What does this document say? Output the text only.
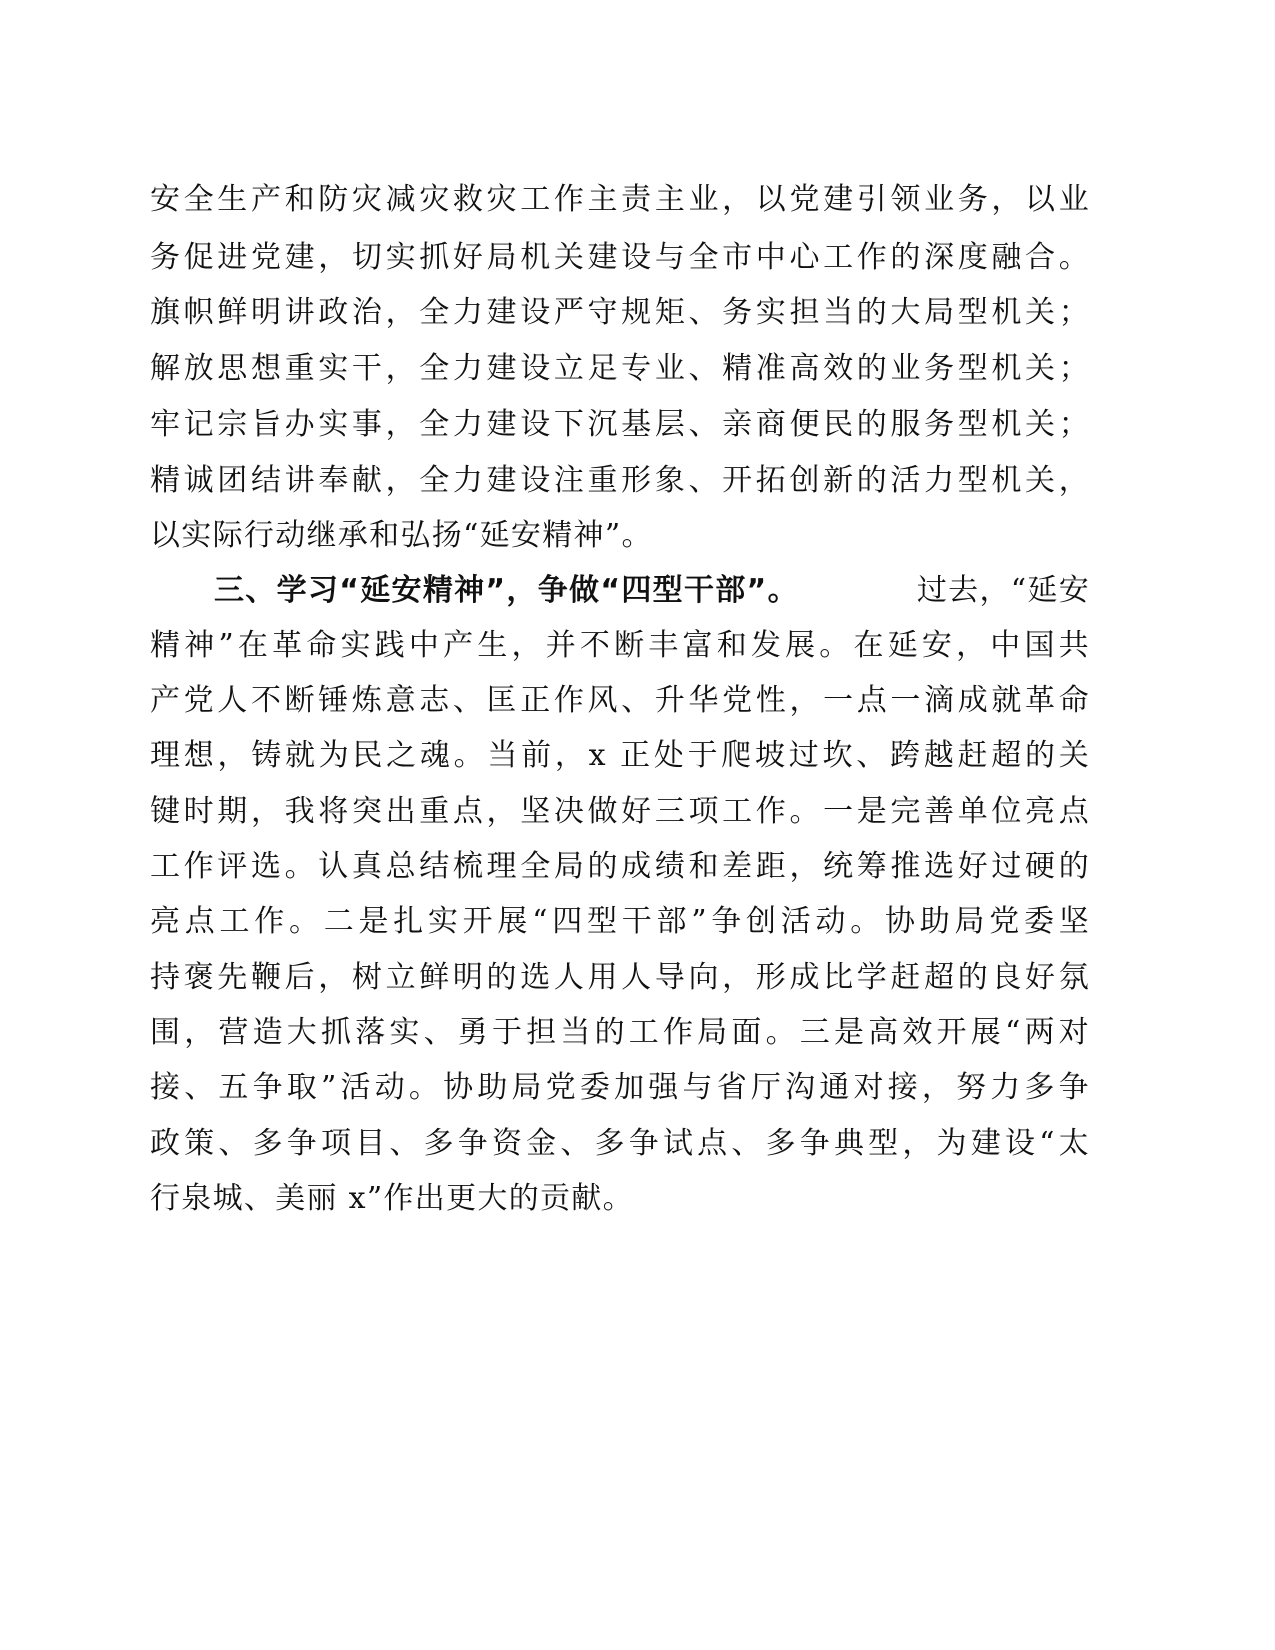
安全生产和防灾减灾救灾工作主责主业，以党建引领业务，以业
务促进党建，切实抓好局机关建设与全市中心工作的深度融合。
旗帜鲜明讲政治，全力建设严守规矩、务实担当的大局型机关；
解放思想重实干，全力建设立足专业、精准高效的业务型机关；
牢记宗旨办实事，全力建设下沉基层、亲商便民的服务型机关；
精诚团结讲奉献，全力建设注重形象、开拓创新的活力型机关，
以实际行动继承和弘扬“延安精神”。
三、学习“延安精神”，争做“四型干部”。	过去，“延安
精神”在革命实践中产生，并不断丰富和发展。在延安，中国共
产党人不断锤炼意志、匡正作风、升华党性，一点一滴成就革命
理想，铸就为民之魂。当前，x 正处于爬坡过坎、跨越赶超的关
键时期，我将突出重点，坚决做好三项工作。一是完善单位亮点
工作评选。认真总结梳理全局的成绩和差距，统筹推选好过硬的
亮点工作。二是扎实开展“四型干部”争创活动。协助局党委坚
持褒先鞭后，树立鲜明的选人用人导向，形成比学赶超的良好氛
围，营造大抓落实、勇于担当的工作局面。三是高效开展“两对
接、五争取”活动。协助局党委加强与省厅沟通对接，努力多争
政策、多争项目、多争资金、多争试点、多争典型，为建设“太
行泉城、美丽 x”作出更大的贡献。
